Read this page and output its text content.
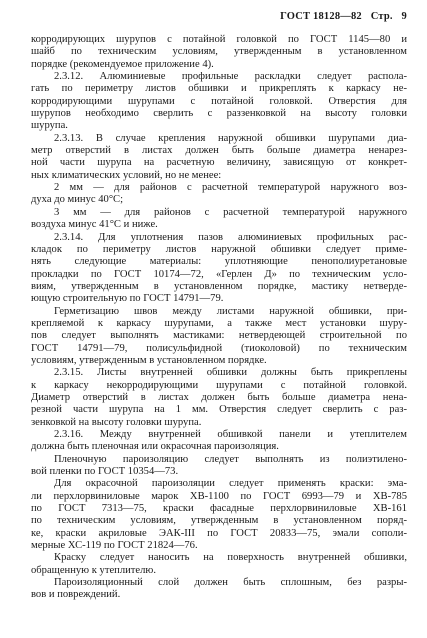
ГОСТ 18128—82 Стр. 9
корродирующих шурупов с потайной головкой по ГОСТ 1145—80 и
шайб по техническим условиям, утвержденным в установленном
порядке (рекомендуемое приложение 4).
2.3.12. Алюминиевые профильные раскладки следует распола-
гать по периметру листов обшивки и прикреплять к каркасу не-
корродирующими шурупами с потайной головкой. Отверстия для
шурупов необходимо сверлить с раззенковкой на высоту головки
шурупа.
2.3.13. В случае крепления наружной обшивки шурупами диа-
метр отверстий в листах должен быть больше диаметра ненарез-
ной части шурупа на расчетную величину, зависящую от конкрет-
ных климатических условий, но не менее:
2 мм — для районов с расчетной температурой наружного воз-
духа до минус 40°С;
3 мм — для районов с расчетной температурой наружного
воздуха минус 41°С и ниже.
2.3.14. Для уплотнения пазов алюминиевых профильных рас-
кладок по периметру листов наружной обшивки следует приме-
нять следующие материалы: уплотняющие пенополиуретановые
прокладки по ГОСТ 10174—72, «Герлен Д» по техническим усло-
виям, утвержденным в установленном порядке, мастику нетверде-
ющую строительную по ГОСТ 14791—79.
Герметизацию швов между листами наружной обшивки, при-
крепляемой к каркасу шурупами, а также мест установки шуру-
пов следует выполнять мастиками: нетвердеющей строительной по
ГОСТ 14791—79, полисульфидной (тиоколовой) по техническим
условиям, утвержденным в установленном порядке.
2.3.15. Листы внутренней обшивки должны быть прикреплены
к каркасу некорродирующими шурупами с потайной головкой.
Диаметр отверстий в листах должен быть больше диаметра ненa-
резной части шурупа на 1 мм. Отверстия следует сверлить с раз-
зенковкой на высоту головки шурупа.
2.3.16. Между внутренней обшивкой панели и утеплителем
должна быть пленочная или окрасочная пароизоляция.
Пленочную пароизоляцию следует выполнять из полиэтилено-
вой пленки по ГОСТ 10354—73.
Для окрасочной пароизоляции следует применять краски: эма-
ли перхлорвиниловые марок ХВ-1100 по ГОСТ 6993—79 и ХВ-785
по ГОСТ 7313—75, краски фасадные перхлорвиниловые ХВ-161
по техническим условиям, утвержденным в установленном поряд-
ке, краски акриловые ЭАК-III по ГОСТ 20833—75, эмали сополи-
мерные ХС-119 по ГОСТ 21824—76.
Краску следует наносить на поверхность внутренней обшивки,
обращенную к утеплителю.
Пароизоляционный слой должен быть сплошным, без разры-
вов и повреждений.
